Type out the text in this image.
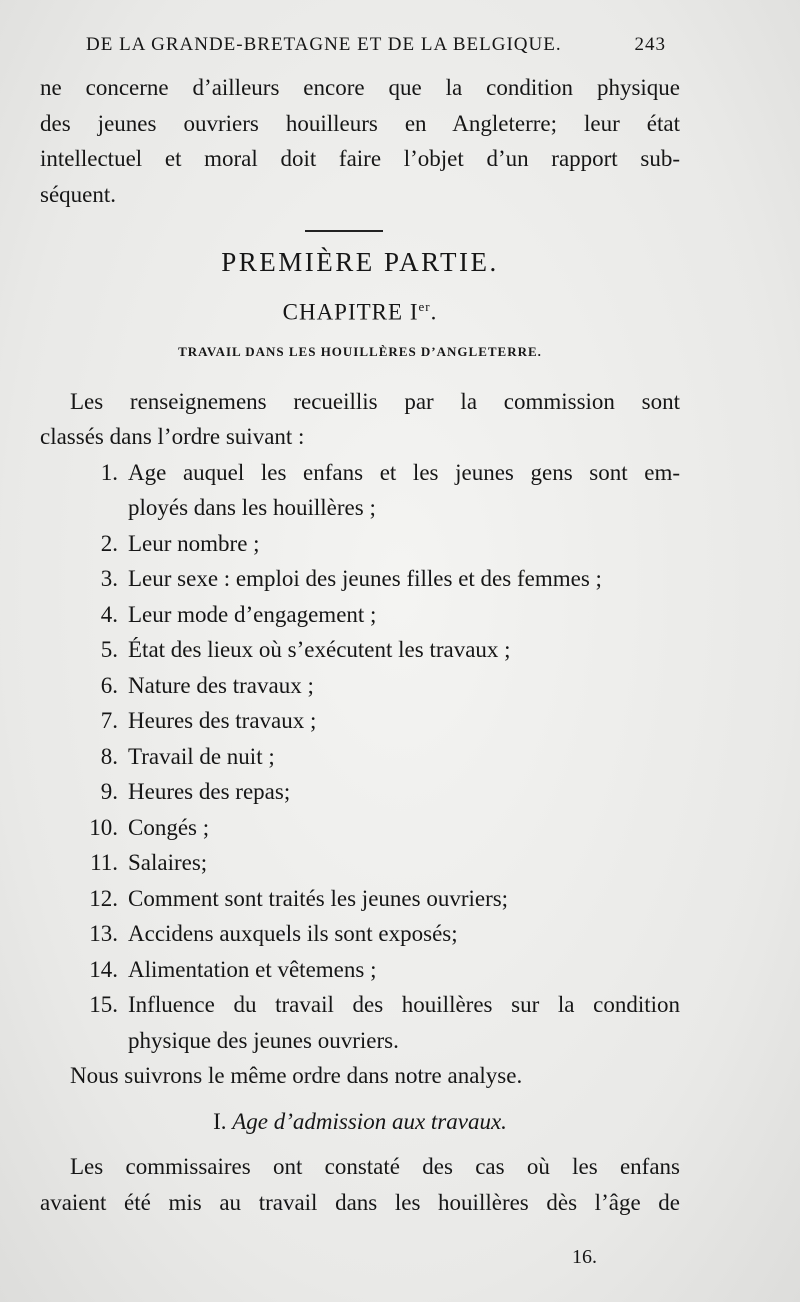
DE LA GRANDE-BRETAGNE ET DE LA BELGIQUE.	243
ne concerne d’ailleurs encore que la condition physique
des jeunes ouvriers houilleurs en Angleterre; leur état
intellectuel et moral doit faire l’objet d’un rapport sub-
séquent.
PREMIÈRE PARTIE.
CHAPITRE Ier.
TRAVAIL DANS LES HOUILLÈRES D’ANGLETERRE.
Les renseignemens recueillis par la commission sont
classés dans l’ordre suivant :
1. Age auquel les enfans et les jeunes gens sont em-
ployés dans les houillères ;
2. Leur nombre ;
3. Leur sexe : emploi des jeunes filles et des femmes ;
4. Leur mode d’engagement ;
5. État des lieux où s’exécutent les travaux ;
6. Nature des travaux ;
7. Heures des travaux ;
8. Travail de nuit ;
9. Heures des repas;
10. Congés ;
11. Salaires;
12. Comment sont traités les jeunes ouvriers;
13. Accidens auxquels ils sont exposés;
14. Alimentation et vêtemens ;
15. Influence du travail des houillères sur la condition
physique des jeunes ouvriers.
Nous suivrons le même ordre dans notre analyse.
I. Age d’admission aux travaux.
Les commissaires ont constaté des cas où les enfans
avaient été mis au travail dans les houillères dès l’âge de
16.
